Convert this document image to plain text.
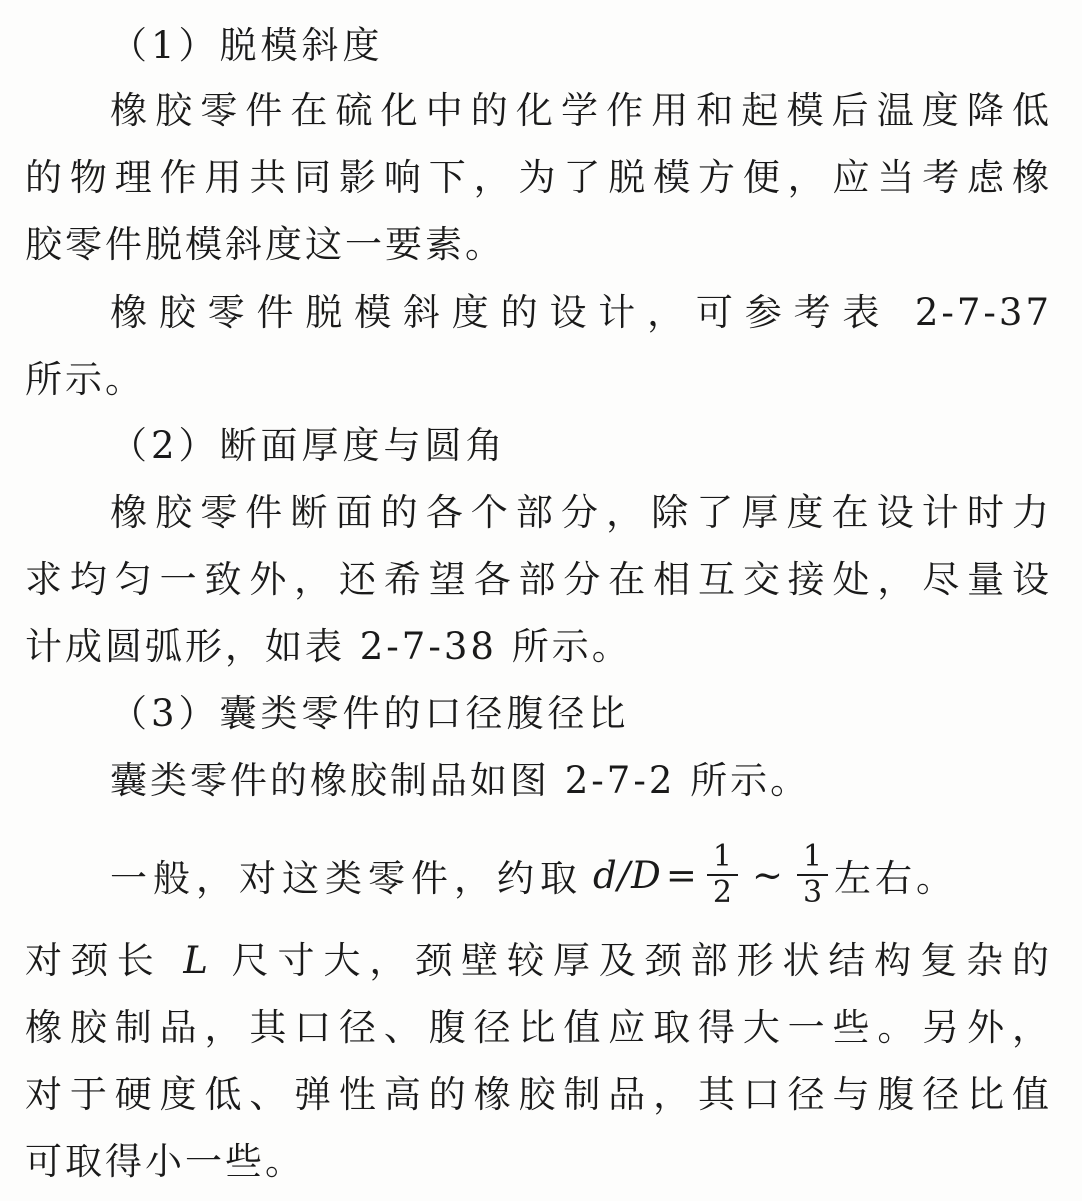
（1）脱模斜度
橡胶零件在硫化中的化学作用和起模后温度降低
的物理作用共同影响下，为了脱模方便，应当考虑橡
胶零件脱模斜度这一要素。
橡胶零件脱模斜度的设计，可参考表 2-7-37
所示。
（2）断面厚度与圆角
橡胶零件断面的各个部分，除了厚度在设计时力
求均匀一致外，还希望各部分在相互交接处，尽量设
计成圆弧形，如表 2-7-38 所示。
（3）囊类零件的口径腹径比
囊类零件的橡胶制品如图 2-7-2 所示。
一般，对这类零件，约取 $d/D = \frac{1}{2}$ ~ $\frac{1}{3}$ 左右。
对颈长 L 尺寸大，颈壁较厚及颈部形状结构复杂的
橡胶制品，其口径、腹径比值应取得大一些。另外，
对于硬度低、弹性高的橡胶制品，其口径与腹径比值
可取得小一些。
